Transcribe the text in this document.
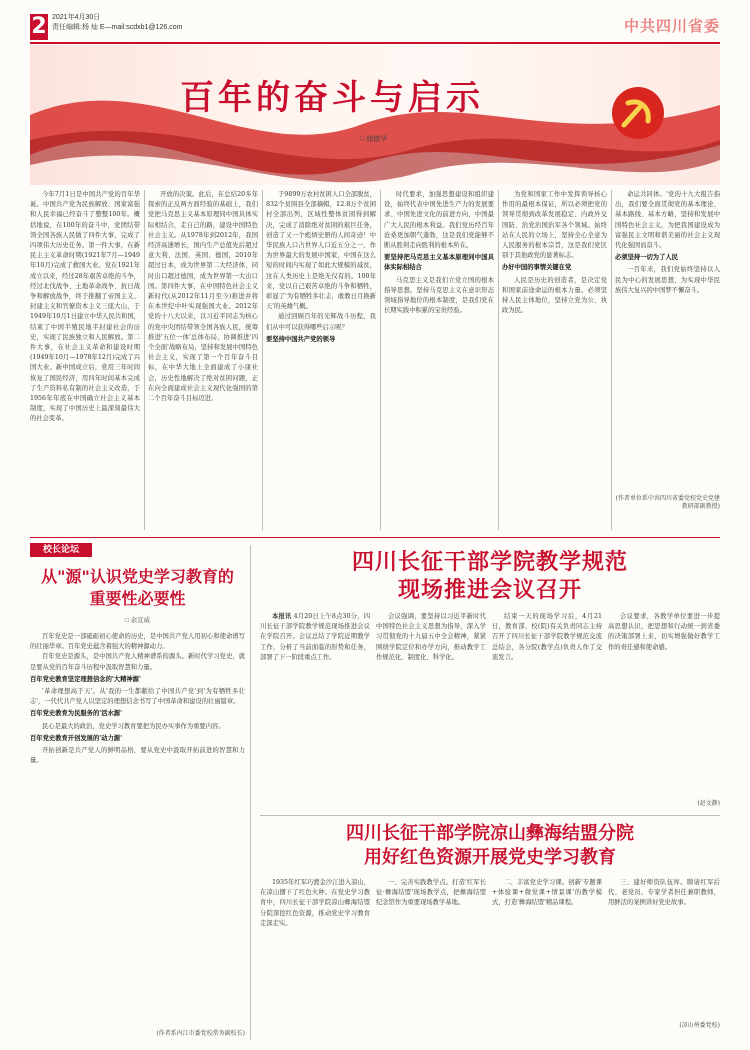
2 2021年4月30日
责任编辑:杨 灿 E—mail:scdxb1@126.com	中共四川省委
百年的奋斗与启示
□ 储德华

今年7月1日是中国共产党的百年华诞。中国共产党为民族解放、国家富强和人民幸福已经奋斗了整整100年。概括地说，在100年的奋斗中，党团结带领全国各族人民做了四件大事，完成了四项伟大历史任务。第一件大事，在新民主主义革命时期(1921年7月—1949年10月)完成了救国大业。党在1921年成立以来，经过28年艰苦卓绝的斗争，经过北伐战争、土地革命战争、抗日战争和解放战争，终于推翻了帝国主义、封建主义和官僚资本主义三座大山，于1949年10月1日建立中华人民共和国，结束了中国半殖民地半封建社会的历史，实现了民族独立和人民解放。第二件大事，在社会主义革命和建设时期(1949年10月—1978年12月)完成了兴国大业。新中国成立后，党用三年时间恢复了国民经济，用四年时间基本完成了生产资料私有制的社会主义改造，于1956年年底在中国确立社会主义基本制度，实现了中国历史上最深刻最伟大的社会变革。

开放的决策。此后，在总结20多年探索的正反两方面经验的基础上，我们党把马克思主义基本原理同中国具体实际相结合，走自己的路，建设中国特色社会主义。从1978年到2012年，我国经济高速增长，国内生产总值先后超过意大利、法国、英国、德国，2010年超过日本，成为世界第二大经济体，同时出口超过德国，成为世界第一大出口国。第四件大事，在中国特色社会主义新时代(从2012年11月至今)推进并将在本世纪中叶实现强国大业。2012年党的十八大以来，以习近平同志为核心的党中央团结带领全国各族人民，统筹推进'五位一体'总体布局、协调推进'四个全面'战略布局，坚持和发展中国特色社会主义，实现了第一个百年奋斗目标，在中华大地上全面建成了小康社会，历史性地解决了绝对贫困问题，正在向全面建成社会主义现代化强国的第二个百年奋斗目标迈进。

于9899万农村贫困人口全部脱贫，832个贫困县全部摘帽，12.8万个贫困村全部出列，区域性整体贫困得到解决，完成了消除绝对贫困的艰巨任务，创造了又一个彪炳史册的人间奇迹！中华民族人口占世界人口近五分之一，作为世界最大的发展中国家，中国在这么短的时间内实现了如此大规模的减贫，这在人类历史上是绝无仅有的。100年来，党以自己艰苦卓绝的斗争和牺牲，彰显了'为有牺牲多壮志，敢教日月换新天'的英雄气概。

通过回顾百年的光辉战斗历程，我们从中可以获得哪些启示呢？

要坚持中国共产党的领导

时代要求，加强思想建设和组织建设，始终代表中国先进生产力的发展要求、中国先进文化的前进方向、中国最广大人民的根本利益。我们党历经百年沧桑更加朝气蓬勃，这是我们党能够不断从胜利走向胜利的根本所在。

要坚持把马克思主义基本原理同中国具体实际相结合

马克思主义是我们立党立国的根本指导思想。坚持马克思主义在意识形态领域指导地位的根本制度，是我们党在长期实践中积累的宝贵经验。

为党和国家工作中发挥领导核心作用的最根本保证，所以必须把党的领导贯彻到改革发展稳定、内政外交国防、治党治国治军各个领域。始终站在人民的立场上，坚持全心全意为人民服务的根本宗旨，这是我们党区别于其他政党的显著标志。

办好中国的事情关键在党

人民是历史的创造者，是决定党和国家前途命运的根本力量。必须坚持人民主体地位，坚持立党为公、执政为民。

命运共同体。'党的十九大报告指出，我们要全面贯彻党的基本理论、基本路线、基本方略，坚持和发展中国特色社会主义，为把我国建设成为富强民主文明和谐美丽的社会主义现代化强国而奋斗。

必须坚持一切为了人民

一百年来，我们党始终坚持以人民为中心的发展思想，为实现中华民族伟大复兴的中国梦不懈奋斗。

(作者单位系中共四川省委党校党史党建教研部副教授)
校长论坛
从"源"认识党史学习教育的
重要性必要性
□ 余宣威

百年党史是一部砥砺初心使命的历史，是中国共产党人用初心和使命谱写的壮丽华章。百年党史蕴含着强大的精神源动力。

百年党史是源头，是中国共产党人精神谱系的源头。新时代学习党史，就是要从党的百年奋斗历程中汲取智慧和力量。

百年党史教育坚定理想信念的'大精神源'

'革命理想高于天'。从'我的一生都献给了中国共产党'到'为有牺牲多壮志'，一代代共产党人以坚定的理想信念书写了中国革命和建设的壮丽篇章。

百年党史教育为民服务的'活水源'

民心是最大的政治，党史学习教育要把为民办实事作为重要内容。

百年党史教育开创发展的'动力源'

开拓创新是共产党人的鲜明品格，要从党史中汲取开拓前进的智慧和力量。

(作者系内江市委党校常务副校长)
四川长征干部学院教学规范
现场推进会议召开

本报讯 4月20日上午8点30分，四川长征干部学院教学规范现场推进会议在学院召开。会议总结了学院近期教学工作，分析了当前面临的形势和任务，部署了下一阶段重点工作。

会议强调，要坚持以习近平新时代中国特色社会主义思想为指导，深入学习贯彻党的十九届五中全会精神，紧紧围绕学院定位和办学方向，推动教学工作规范化、制度化、科学化。

结束一天的现场学习后，4月21日，教育部、校(院)有关负责同志主持召开了四川长征干部学院教学规范交流总结会，各分院(教学点)负责人作了交流发言。

会议要求，各教学单位要进一步提高思想认识，把思想和行动统一到省委的决策部署上来，切实增强做好教学工作的责任感和使命感。

(赵文静)
四川长征干部学院凉山彝海结盟分院
用好红色资源开展党史学习教育

1935年红军巧渡金沙江进入凉山，在凉山播下了红色火种。在党史学习教育中，四川长征干部学院凉山彝海结盟分院深挖红色资源，推动党史学习教育走深走实。

一、完善实践教学点。打造'红军长征·彝海结盟'现场教学点，把彝海结盟纪念馆作为重要现场教学基地。

二、丰富党史学习课。创新'专题课+体验课+微党课+情景课'的教学模式，打造'彝海结盟'精品课程。

三、建好师资队伍库。聘请红军后代、老党员、专家学者担任兼职教师，用鲜活的案例讲好党史故事。

(凉山州委党校)
